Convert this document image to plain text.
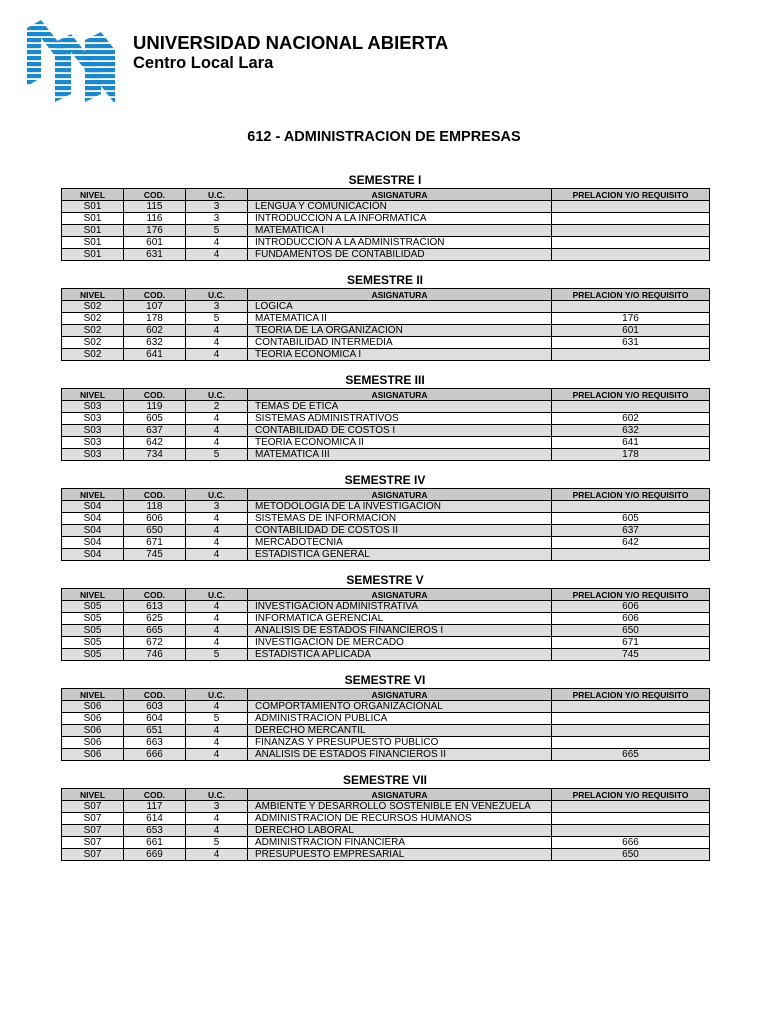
UNIVERSIDAD NACIONAL ABIERTA
Centro Local Lara
612 - ADMINISTRACION DE EMPRESAS
SEMESTRE I
NIVEL	COD.	U.C.	ASIGNATURA	PRELACION Y/O REQUISITO
S01	115	3	LENGUA Y COMUNICACION	
S01	116	3	INTRODUCCION A LA INFORMATICA	
S01	176	5	MATEMATICA I	
S01	601	4	INTRODUCCION A LA ADMINISTRACION	
S01	631	4	FUNDAMENTOS DE CONTABILIDAD	
SEMESTRE II
NIVEL	COD.	U.C.	ASIGNATURA	PRELACION Y/O REQUISITO
S02	107	3	LOGICA	
S02	178	5	MATEMATICA II	176
S02	602	4	TEORIA DE LA ORGANIZACION	601
S02	632	4	CONTABILIDAD INTERMEDIA	631
S02	641	4	TEORIA ECONOMICA I	
SEMESTRE III
NIVEL	COD.	U.C.	ASIGNATURA	PRELACION Y/O REQUISITO
S03	119	2	TEMAS DE ETICA	
S03	605	4	SISTEMAS ADMINISTRATIVOS	602
S03	637	4	CONTABILIDAD DE COSTOS I	632
S03	642	4	TEORIA ECONOMICA II	641
S03	734	5	MATEMATICA III	178
SEMESTRE IV
NIVEL	COD.	U.C.	ASIGNATURA	PRELACION Y/O REQUISITO
S04	118	3	METODOLOGIA DE LA INVESTIGACION	
S04	606	4	SISTEMAS DE INFORMACION	605
S04	650	4	CONTABILIDAD DE COSTOS II	637
S04	671	4	MERCADOTECNIA	642
S04	745	4	ESTADISTICA GENERAL	
SEMESTRE V
NIVEL	COD.	U.C.	ASIGNATURA	PRELACION Y/O REQUISITO
S05	613	4	INVESTIGACION ADMINISTRATIVA	606
S05	625	4	INFORMATICA GERENCIAL	606
S05	665	4	ANALISIS DE ESTADOS FINANCIEROS I	650
S05	672	4	INVESTIGACION DE MERCADO	671
S05	746	5	ESTADISTICA APLICADA	745
SEMESTRE VI
NIVEL	COD.	U.C.	ASIGNATURA	PRELACION Y/O REQUISITO
S06	603	4	COMPORTAMIENTO ORGANIZACIONAL	
S06	604	5	ADMINISTRACION PUBLICA	
S06	651	4	DERECHO MERCANTIL	
S06	663	4	FINANZAS Y PRESUPUESTO PUBLICO	
S06	666	4	ANALISIS DE ESTADOS FINANCIEROS II	665
SEMESTRE VII
NIVEL	COD.	U.C.	ASIGNATURA	PRELACION Y/O REQUISITO
S07	117	3	AMBIENTE Y DESARROLLO SOSTENIBLE EN VENEZUELA	
S07	614	4	ADMINISTRACION DE RECURSOS HUMANOS	
S07	653	4	DERECHO LABORAL	
S07	661	5	ADMINISTRACION FINANCIERA	666
S07	669	4	PRESUPUESTO EMPRESARIAL	650
